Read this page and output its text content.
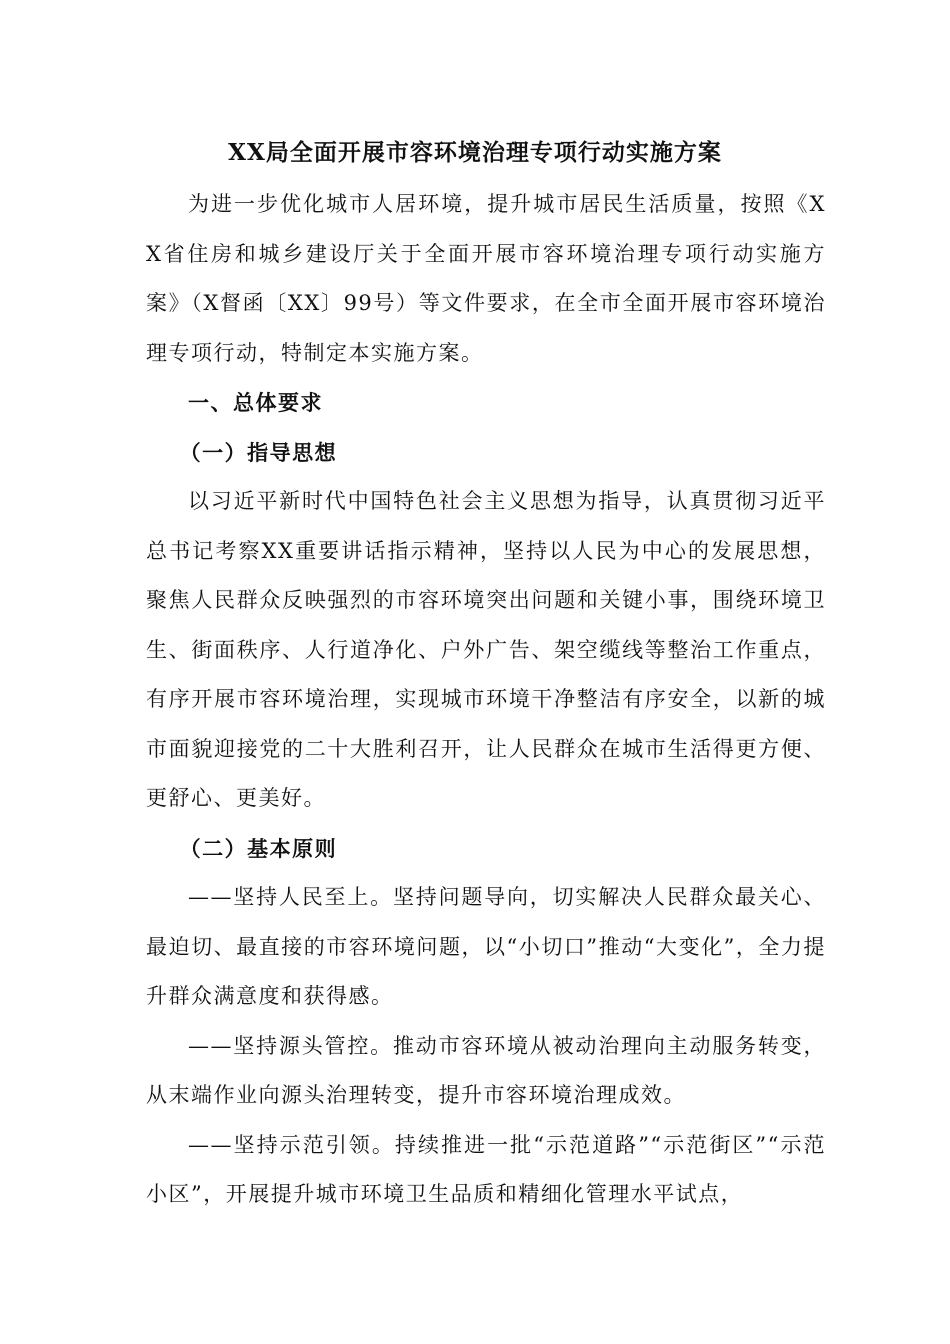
XX局全面开展市容环境治理专项行动实施方案

为进一步优化城市人居环境，提升城市居民生活质量，按照《XX省住房和城乡建设厅关于全面开展市容环境治理专项行动实施方案》（X督函〔XX〕99号）等文件要求，在全市全面开展市容环境治理专项行动，特制定本实施方案。

一、总体要求

（一）指导思想

以习近平新时代中国特色社会主义思想为指导，认真贯彻习近平总书记考察XX重要讲话指示精神，坚持以人民为中心的发展思想，聚焦人民群众反映强烈的市容环境突出问题和关键小事，围绕环境卫生、街面秩序、人行道净化、户外广告、架空缆线等整治工作重点，有序开展市容环境治理，实现城市环境干净整洁有序安全，以新的城市面貌迎接党的二十大胜利召开，让人民群众在城市生活得更方便、更舒心、更美好。

（二）基本原则

——坚持人民至上。坚持问题导向，切实解决人民群众最关心、最迫切、最直接的市容环境问题，以“小切口”推动“大变化”，全力提升群众满意度和获得感。

——坚持源头管控。推动市容环境从被动治理向主动服务转变，从末端作业向源头治理转变，提升市容环境治理成效。

——坚持示范引领。持续推进一批“示范道路”“示范街区”“示范小区”，开展提升城市环境卫生品质和精细化管理水平试点，
